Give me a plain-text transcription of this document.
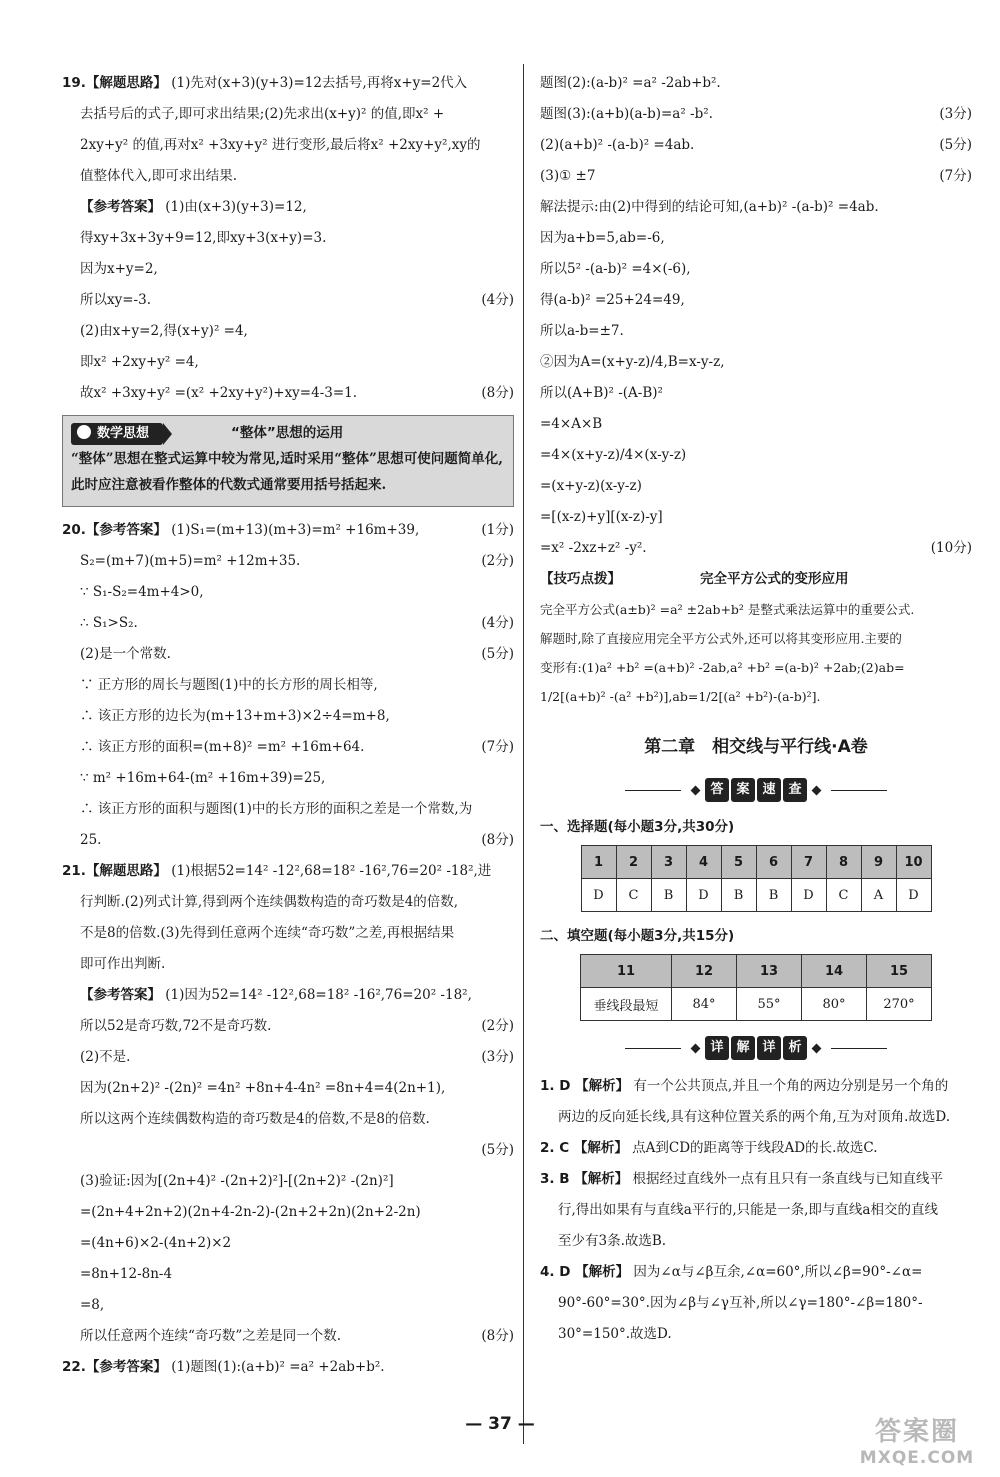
19.【解题思路】 (1)先对(x+3)(y+3)=12去括号,再将x+y=2代入
去括号后的式子,即可求出结果;(2)先求出(x+y)² 的值,即x² +
2xy+y² 的值,再对x² +3xy+y² 进行变形,最后将x² +2xy+y²,xy的
值整体代入,即可求出结果.
【参考答案】 (1)由(x+3)(y+3)=12,
得xy+3x+3y+9=12,即xy+3(x+y)=3.
因为x+y=2,
所以xy=-3.	(4分)
(2)由x+y=2,得(x+y)² =4,
即x² +2xy+y² =4,
故x² +3xy+y² =(x² +2xy+y²)+xy=4-3=1.	(8分)
数学思想	“整体”思想的运用
“整体”思想在整式运算中较为常见,适时采用“整体”思想可使问题简单化,此时应注意被看作整体的代数式通常要用括号括起来.
20.【参考答案】 (1)S₁=(m+13)(m+3)=m² +16m+39,	(1分)
S₂=(m+7)(m+5)=m² +12m+35.	(2分)
∵ S₁-S₂=4m+4>0,
∴ S₁>S₂.	(4分)
(2)是一个常数.	(5分)
∵ 正方形的周长与题图(1)中的长方形的周长相等,
∴ 该正方形的边长为(m+13+m+3)×2÷4=m+8,
∴ 该正方形的面积=(m+8)² =m² +16m+64.	(7分)
∵ m² +16m+64-(m² +16m+39)=25,
∴ 该正方形的面积与题图(1)中的长方形的面积之差是一个常数,为
25.	(8分)
21.【解题思路】 (1)根据52=14² -12²,68=18² -16²,76=20² -18²,进
行判断.(2)列式计算,得到两个连续偶数构造的奇巧数是4的倍数,
不是8的倍数.(3)先得到任意两个连续“奇巧数”之差,再根据结果
即可作出判断.
【参考答案】 (1)因为52=14² -12²,68=18² -16²,76=20² -18²,
所以52是奇巧数,72不是奇巧数.	(2分)
(2)不是.	(3分)
因为(2n+2)² -(2n)² =4n² +8n+4-4n² =8n+4=4(2n+1),
所以这两个连续偶数构造的奇巧数是4的倍数,不是8的倍数.
(5分)
(3)验证:因为[(2n+4)² -(2n+2)²]-[(2n+2)² -(2n)²]
=(2n+4+2n+2)(2n+4-2n-2)-(2n+2+2n)(2n+2-2n)
=(4n+6)×2-(4n+2)×2
=8n+12-8n-4
=8,
所以任意两个连续“奇巧数”之差是同一个数.	(8分)
22.【参考答案】 (1)题图(1):(a+b)² =a² +2ab+b².
题图(2):(a-b)² =a² -2ab+b².
题图(3):(a+b)(a-b)=a² -b².	(3分)
(2)(a+b)² -(a-b)² =4ab.	(5分)
(3)① ±7	(7分)
解法提示:由(2)中得到的结论可知,(a+b)² -(a-b)² =4ab.
因为a+b=5,ab=-6,
所以5² -(a-b)² =4×(-6),
得(a-b)² =25+24=49,
所以a-b=±7.
②因为A=(x+y-z)/4,B=x-y-z,
所以(A+B)² -(A-B)²
=4×A×B
=4×(x+y-z)/4×(x-y-z)
=(x+y-z)(x-y-z)
=[(x-z)+y][(x-z)-y]
=x² -2xz+z² -y².	(10分)
【技巧点拨】	完全平方公式的变形应用
完全平方公式(a±b)² =a² ±2ab+b² 是整式乘法运算中的重要公式.
解题时,除了直接应用完全平方公式外,还可以将其变形应用.主要的
变形有:(1)a² +b² =(a+b)² -2ab,a² +b² =(a-b)² +2ab;(2)ab=
1/2[(a+b)² -(a² +b²)],ab=1/2[(a² +b²)-(a-b)²].
第二章　相交线与平行线·A卷
答 案 速 查
一、选择题(每小题3分,共30分)
1	2	3	4	5	6	7	8	9	10
D	C	B	D	B	B	D	C	A	D
二、填空题(每小题3分,共15分)
11	12	13	14	15
垂线段最短	84°	55°	80°	270°
详 解 详 析
1. D 【解析】 有一个公共顶点,并且一个角的两边分别是另一个角的
两边的反向延长线,具有这种位置关系的两个角,互为对顶角.故选D.
2. C 【解析】 点A到CD的距离等于线段AD的长.故选C.
3. B 【解析】 根据经过直线外一点有且只有一条直线与已知直线平
行,得出如果有与直线a平行的,只能是一条,即与直线a相交的直线
至少有3条.故选B.
4. D 【解析】 因为∠α与∠β互余,∠α=60°,所以∠β=90°-∠α=
90°-60°=30°.因为∠β与∠γ互补,所以∠γ=180°-∠β=180°-
30°=150°.故选D.
— 37 —	答案圈
MXQE.COM
